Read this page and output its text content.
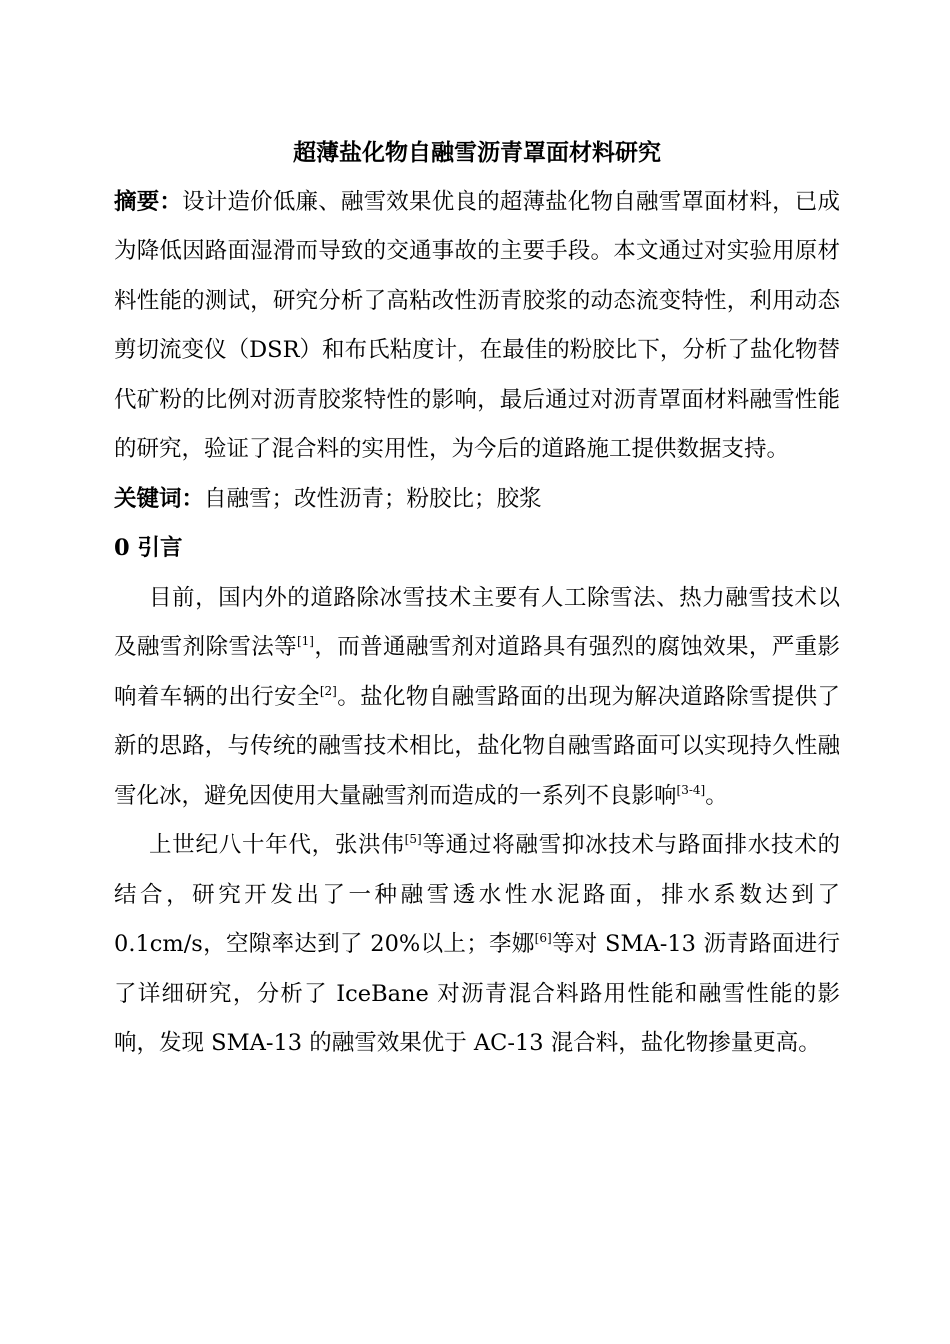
超薄盐化物自融雪沥青罩面材料研究

摘要：设计造价低廉、融雪效果优良的超薄盐化物自融雪罩面材料，已成为降低因路面湿滑而导致的交通事故的主要手段。本文通过对实验用原材料性能的测试，研究分析了高粘改性沥青胶浆的动态流变特性，利用动态剪切流变仪（DSR）和布氏粘度计，在最佳的粉胶比下，分析了盐化物替代矿粉的比例对沥青胶浆特性的影响，最后通过对沥青罩面材料融雪性能的研究，验证了混合料的实用性，为今后的道路施工提供数据支持。

关键词：自融雪；改性沥青；粉胶比；胶浆

0 引言

目前，国内外的道路除冰雪技术主要有人工除雪法、热力融雪技术以及融雪剂除雪法等[1]，而普通融雪剂对道路具有强烈的腐蚀效果，严重影响着车辆的出行安全[2]。盐化物自融雪路面的出现为解决道路除雪提供了新的思路，与传统的融雪技术相比，盐化物自融雪路面可以实现持久性融雪化冰，避免因使用大量融雪剂而造成的一系列不良影响[3-4]。

上世纪八十年代，张洪伟[5]等通过将融雪抑冰技术与路面排水技术的结合，研究开发出了一种融雪透水性水泥路面，排水系数达到了 0.1cm/s，空隙率达到了 20%以上；李娜[6]等对 SMA-13 沥青路面进行了详细研究，分析了 IceBane 对沥青混合料路用性能和融雪性能的影响，发现 SMA-13 的融雪效果优于 AC-13 混合料，盐化物掺量更高。
